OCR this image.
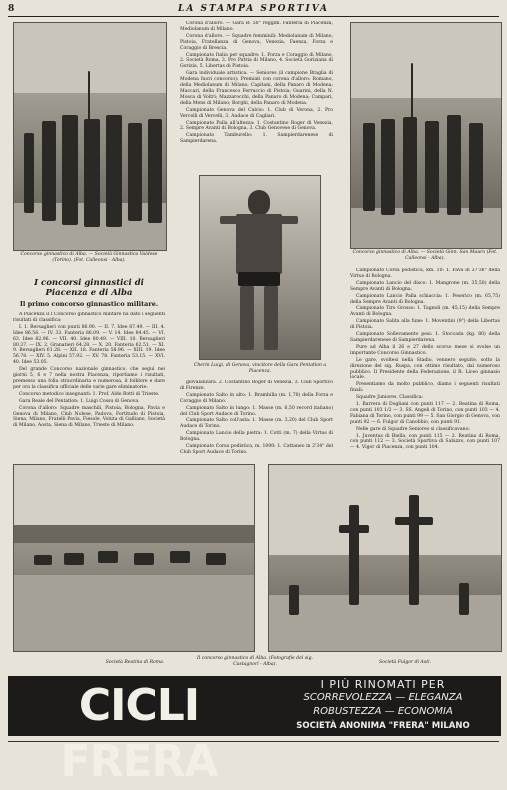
8	LA STAMPA SPORTIVA
Concorso ginnastico di Alba. — Società Ginnastica Valdese (Torino). (Fot. Calleonsi - Alba).
I concorsi ginnastici di Piacenza e di Alba
Il primo concorso ginnastico militare.

A Piacenza il I Concorso ginnastico militare ha dato i seguenti risultati di classifica:

I. 1. Bersaglieri con punti 86.90. — II. 7. Idee 87.49. — III. 4. Idee 86.56. — IV. 33. Fanteria 86.09. — V. 14. Idee 84.45. — VI. 63. Idee 82.96. — VII. 40. Idee 80.49. — VIII. 10. Bersaglieri 80.37. — IX. 2. Granatieri 64.28. — X. 20. Fanteria 62.51. — XI. 9. Bersaglieri 61.28. — XII. 18. Fanteria 58.96. — XIII. 19. Idee 56.78. — XIV. 5. Alpini 57.92. — XV. 78. Fanteria 53.15. — XVI. 40. Idee 53.05.

Del grande Concorso nazionale ginnastico, che seguì nei giorni 5, 6 e 7 nella nostra Piacenza, riportiamo i risultati, premesso una folla straordinaria e numerosa, il folklore e dare per ora la classifica ufficiale delle varie gare eliminatorie:

Concorso metodico insegnanti: 1. Prof. Aldo Botti di Trieste.

Gara Reale del Pentatlon: 1. Luigi Cossu di Genova.

Corona d'alloro: Squadre maschili, Pistoia, Bologna, Pavia e Genova di Milano, Club Nolese, Padova, Fortitudo di Pistoia, Siena, Milano, Fratelli Pavia, Fiesole, Voluta di Galliano, Società di Milano, Aosta, Siena di Milano, Trieste di Milano.

Corona d'alloro. — Gara B: 50° reggim. Fanteria di Piacenza, Mediolanum di Milano.

Corona d'alloro. — Squadre femminili: Mediolanum di Milano, Pistoia, Fratellanza di Genova, Venezia, Faenza, Forza e Coraggio di Brescia.

Campionato Italia per squadre: 1. Forza e Coraggio di Milano, 2. Società Roma, 3. Pro Patria di Milano, 4. Società Goriziana di Gorizia, 5. Libertas di Pistoia.

Gara individuale artistica. — Seniores (il campione Braglia di Modena fuori concorso): Premiati con corona d'alloro: Romano, della Mediolanum di Milano; Capitani, della Panaro di Modena; Maccari, della Francesco Ferruccio di Pistoia; Guarini, della N. Mosca di Voltri; Mazzarocchi, della Panaro di Modena; Campari, della Mens di Milano; Borghi, della Panaro di Modena.

Campionato Genova del Calcio: 1. Club di Verona, 2. Pro Vercelli di Vercelli, 3. Audace di Cagliari.

Campionato Palla all'altezza: 1. Costantino Roger di Venezia, 2. Sempre Avanti di Bologna, 3. Club Genovese di Genova.

Campionato Tamburello: 1. Sampierdarenese di Sampierdarena.

Cherin Luigi, di Genova, vincitore della Gara Pentatlon a Piacenza.

giovalanzara. 2. Costantino Roger di Venezia, 3. Club Sportivo di Firenze.

Campionato Salto in alto: 1. Brambilla (m. 1,70) della Forza e Coraggio di Milano.

Campionato Salto in lungo: 1. Masse (m. 6,50 record italiano) del Club Sport Audace di Torino.

Campionato Salto coll'asta: 1. Masse (m. 3,20) del Club Sport Audace di Torino.

Campionato Lancio della pietra: 1. Cotti (m. 7) della Virtus di Bologna.

Campionato Corsa podistica, m. 1000: 1. Cattaneo in 2'34" del Club Sport Audace di Torino.

Concorso ginnastico di Alba. — Società Ginn. San Mauro (Fot. Calleonsi - Alba).

Campionato Corsa podistica, km. 10: 1. Fava in 37'36" della Virtus di Bologna.

Campionato Lancio del disco: 1. Mangrone (m. 35,50) della Sempre Avanti di Bologna.

Campionato Lancio Palla schiaccia: 1. Peserico (m. 65,75) della Sempre Avanti di Bologna.

Campionato Tiro Grosso: 1. Tagnoli (m. 45,15) della Sempre Avanti di Bologna.

Campionato Salita alla fune: 1. Moventini (9") della Libertas di Pistoia.

Campionato Sollevamento pesi: 1. Stoccada (kg. 80) della Sampierdarenese di Sampierdarena.

Pure ad Alba il 26 e 27 dello scorso mese si svolse un importante Concorso Ginnastico.

Le gare, svoltesi nella Stadio, vennero seguite, sotto la direzione del sig. Ruspa, con ottimo risultato, dal numeroso pubblico. Il Presidente della Federazione, il R. Liceo ginnasio locale.

Presentiamo da molto pubblico, diamo i seguenti risultati finali:

Squadre Juniores. Classifica:

1. Barrera di Dogliani con punti 117 — 2. Reatina di Roma, con punti 103 1/2 — 3. SS. Angeli di Torino, con punti 103 — 4. Fabiana di Torino, con punti 99 — 5. San Giorgio di Genova, con punti 92 — 6. Fulgor di Canobbio, con punti 91.

Nelle gare di Squadre Seniores si classificavano:

1. Juventus di Biella, con punti 115 — 2. Reatina di Roma, con punti 112 — 3. Società Sportiva di Saluzzo, con punti 107 — 4. Vigor di Piacenza, con punti 104.

Società Reatina di Roma.
Il concorso ginnastico di Alba. (Fotografie del sig. Castagnori - Alba).	Società Fulgor di Asti.
CICLI FRERA
I PIÙ RINOMATI PER
SCORREVOLEZZA — ELEGANZA
ROBUSTEZZA — ECONOMIA
SOCIETÀ ANONIMA "FRERA" MILANO
